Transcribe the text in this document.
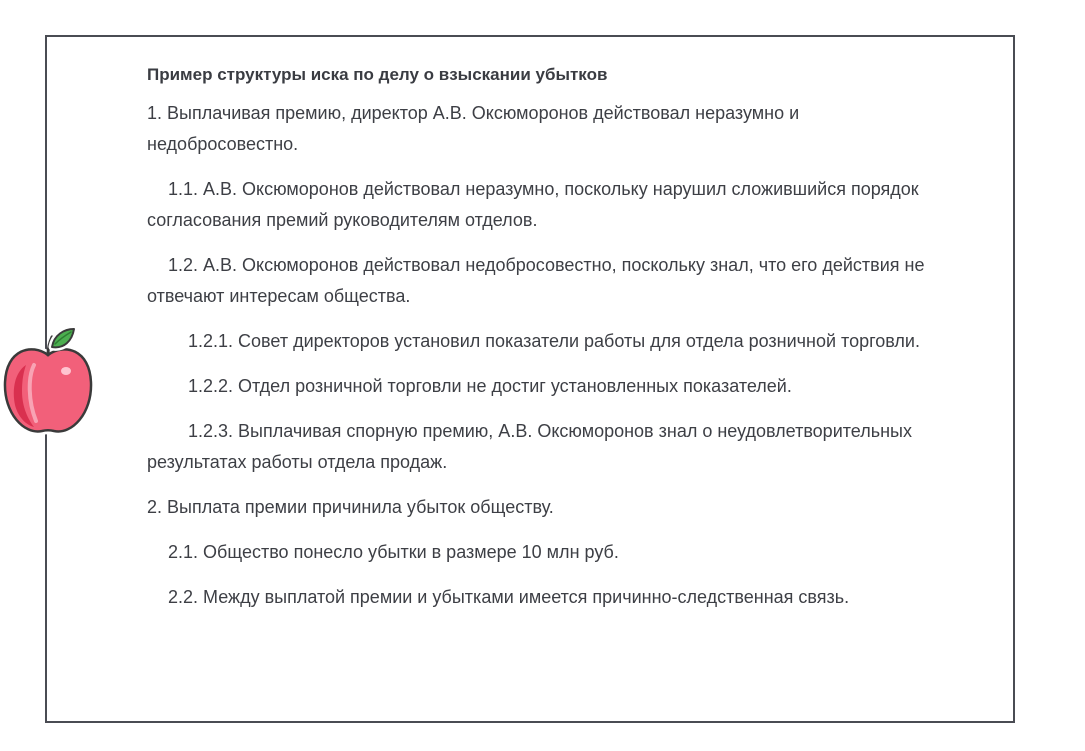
Пример структуры иска по делу о взыскании убытков

1. Выплачивая премию, директор А.В. Оксюморонов действовал неразумно и недобросовестно.

1.1. А.В. Оксюморонов действовал неразумно, поскольку нарушил сложившийся порядок согласования премий руководителям отделов.

1.2. А.В. Оксюморонов действовал недобросовестно, поскольку знал, что его действия не отвечают интересам общества.

1.2.1. Совет директоров установил показатели работы для отдела розничной торговли.

1.2.2. Отдел розничной торговли не достиг установленных показателей.

1.2.3. Выплачивая спорную премию, А.В. Оксюморонов знал о неудовлетворительных результатах работы отдела продаж.

2. Выплата премии причинила убыток обществу.

2.1. Общество понесло убытки в размере 10 млн руб.

2.2. Между выплатой премии и убытками имеется причинно-следственная связь.
